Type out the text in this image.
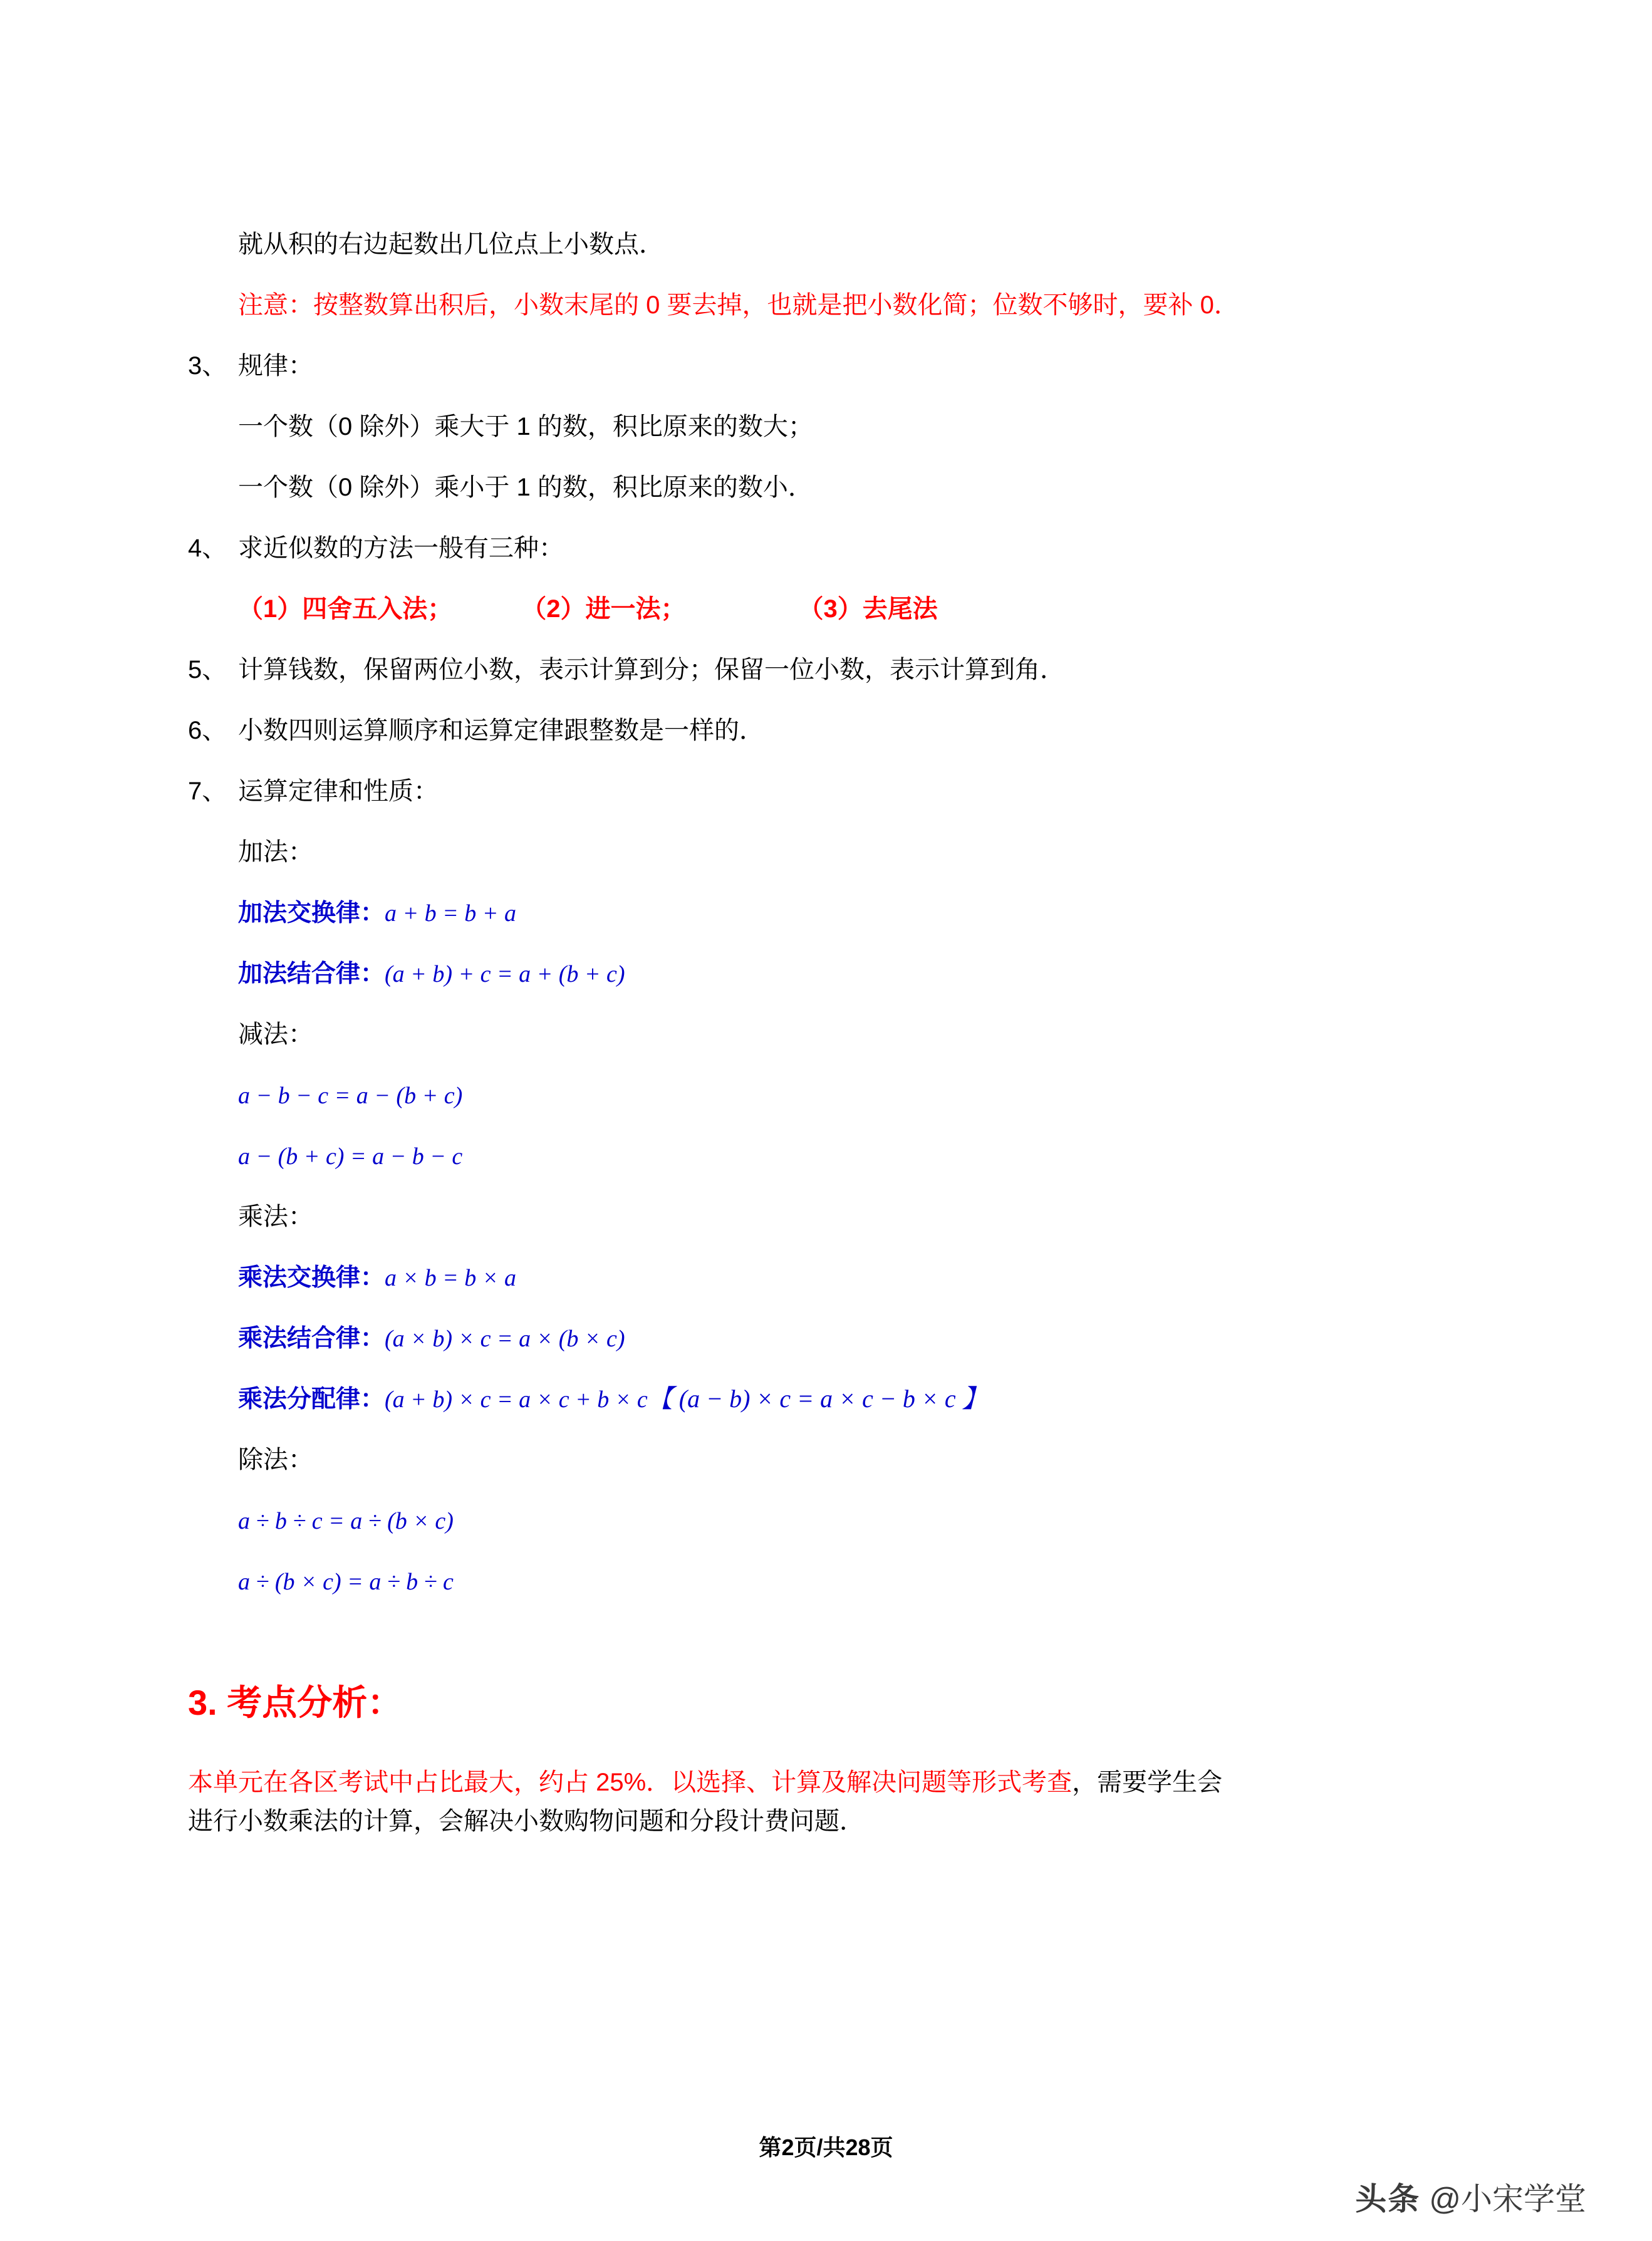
就从积的右边起数出几位点上小数点．
注意：按整数算出积后，小数末尾的 0 要去掉，也就是把小数化简；位数不够时，要补 0．
3、 规律：
一个数（0 除外）乘大于 1 的数，积比原来的数大；
一个数（0 除外）乘小于 1 的数，积比原来的数小．
4、 求近似数的方法一般有三种：
（1）四舍五入法；	（2）进一法；	（3）去尾法
5、 计算钱数，保留两位小数，表示计算到分；保留一位小数，表示计算到角．
6、 小数四则运算顺序和运算定律跟整数是一样的．
7、 运算定律和性质：
加法：
加法交换律：a + b = b + a
加法结合律：(a + b) + c = a + (b + c)
减法：
a − b − c = a − (b + c)
a − (b + c) = a − b − c
乘法：
乘法交换律：a × b = b × a
乘法结合律：(a × b) × c = a × (b × c)
乘法分配律：(a + b) × c = a × c + b × c【 (a − b) × c = a × c − b × c 】
除法：
a ÷ b ÷ c = a ÷ (b × c)
a ÷ (b × c) = a ÷ b ÷ c
3. 考点分析：
本单元在各区考试中占比最大，约占 25%．以选择、计算及解决问题等形式考查，需要学生会
进行小数乘法的计算，会解决小数购物问题和分段计费问题．
第2页/共28页
头条 @小宋学堂
